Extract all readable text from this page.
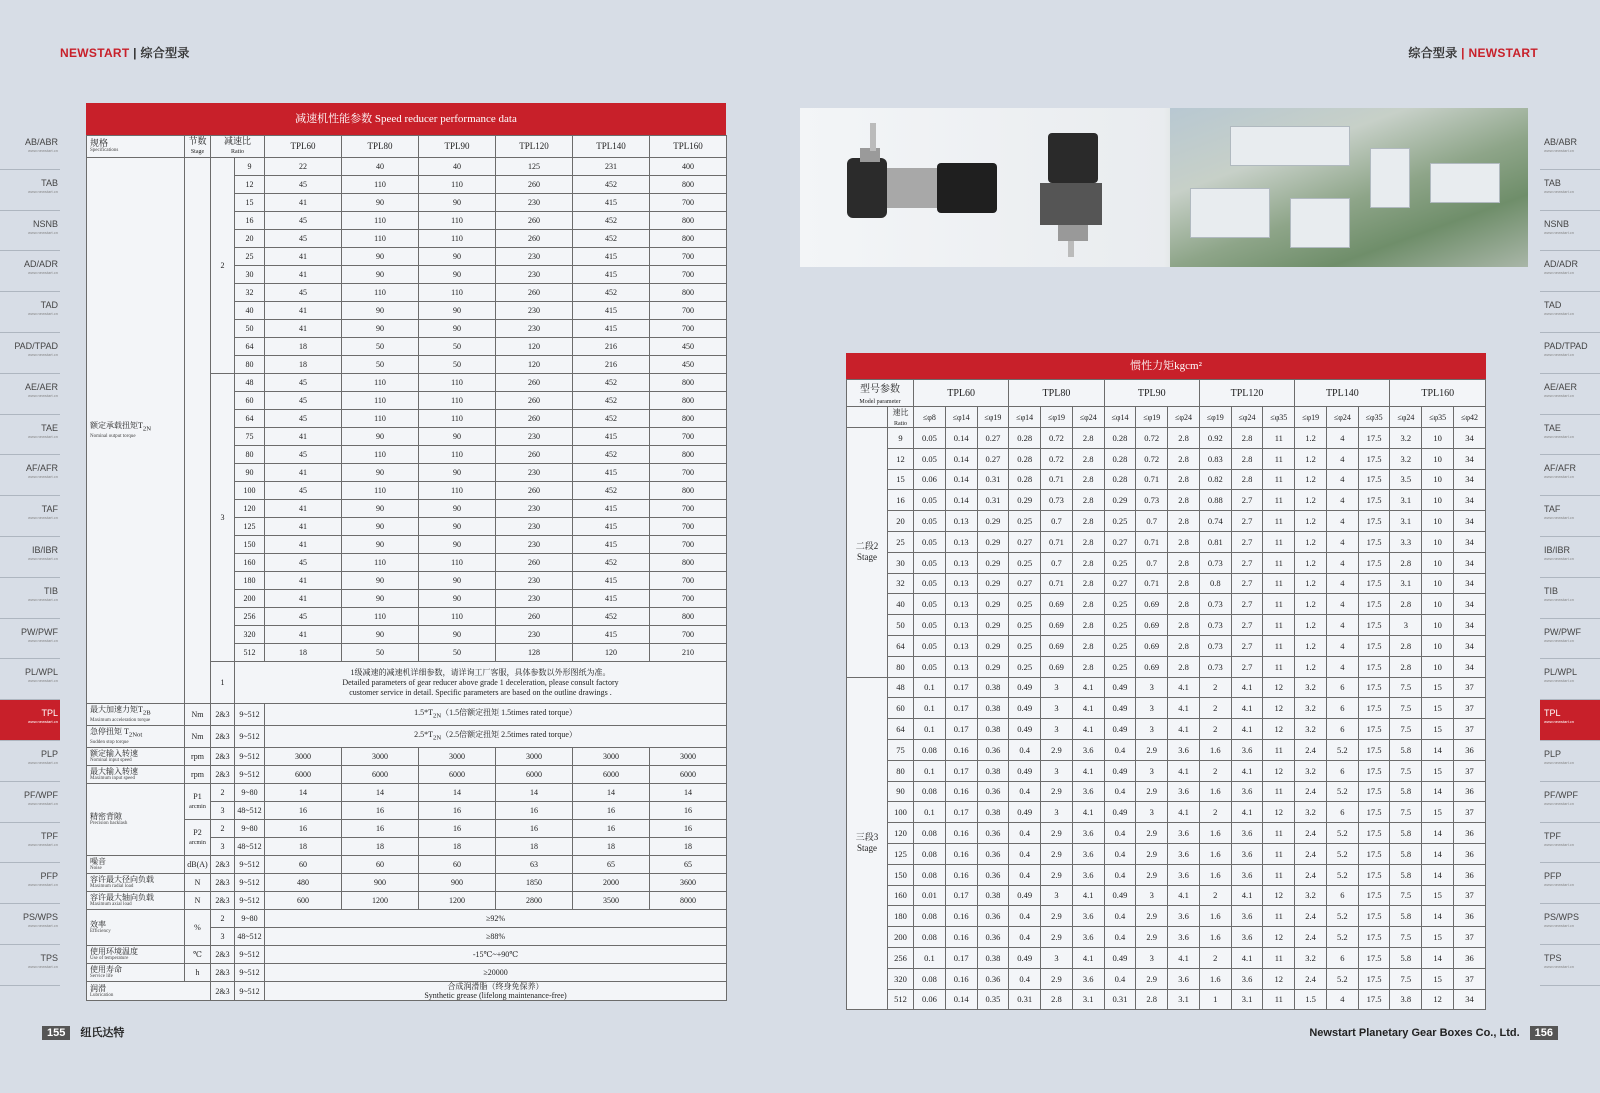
NEWSTART | 综合型录	综合型录 | NEWSTART
AB/ABR
www.newstart.cn
TAB
www.newstart.cn
NSNB
www.newstart.cn
AD/ADR
www.newstart.cn
TAD
www.newstart.cn
PAD/TPAD
www.newstart.cn
AE/AER
www.newstart.cn
TAE
www.newstart.cn
AF/AFR
www.newstart.cn
TAF
www.newstart.cn
IB/IBR
www.newstart.cn
TIB
www.newstart.cn
PW/PWF
www.newstart.cn
PL/WPL
www.newstart.cn
TPL
www.newstart.cn
PLP
www.newstart.cn
PF/WPF
www.newstart.cn
TPF
www.newstart.cn
PFP
www.newstart.cn
PS/WPS
www.newstart.cn
TPS
www.newstart.cn
AB/ABR
www.newstart.cn
TAB
www.newstart.cn
NSNB
www.newstart.cn
AD/ADR
www.newstart.cn
TAD
www.newstart.cn
PAD/TPAD
www.newstart.cn
AE/AER
www.newstart.cn
TAE
www.newstart.cn
AF/AFR
www.newstart.cn
TAF
www.newstart.cn
IB/IBR
www.newstart.cn
TIB
www.newstart.cn
PW/PWF
www.newstart.cn
PL/WPL
www.newstart.cn
TPL
www.newstart.cn
PLP
www.newstart.cn
PF/WPF
www.newstart.cn
TPF
www.newstart.cn
PFP
www.newstart.cn
PS/WPS
www.newstart.cn
TPS
www.newstart.cn
减速机性能参数 Speed reducer performance data
规格
Specifications	节数
Stage	减速比
Ratio		TPL60	TPL80	TPL90	TPL120	TPL140	TPL160
额定承载扭矩$T_{2N}$
Nominal output torque		2	9	22	40	40	125	231	400
			12	45	110	110	260	452	800
			15	41	90	90	230	415	700
			16	45	110	110	260	452	800
			20	45	110	110	260	452	800
			25	41	90	90	230	415	700
			30	41	90	90	230	415	700
			32	45	110	110	260	452	800
			40	41	90	90	230	415	700
			50	41	90	90	230	415	700
			64	18	50	50	120	216	450
			80	18	50	50	120	216	450
		3	48	45	110	110	260	452	800
			60	45	110	110	260	452	800
			64	45	110	110	260	452	800
			75	41	90	90	230	415	700
			80	45	110	110	260	452	800
			90	41	90	90	230	415	700
			100	45	110	110	260	452	800
			120	41	90	90	230	415	700
			125	41	90	90	230	415	700
			150	41	90	90	230	415	700
			160	45	110	110	260	452	800
			180	41	90	90	230	415	700
			200	41	90	90	230	415	700
			256	45	110	110	260	452	800
			320	41	90	90	230	415	700
			512	18	50	50	128	120	210
		1	1级减速的减速机详细参数，请详询工厂客服，具体参数以外形图纸为准。
Detailed parameters of gear reducer above grade 1 deceleration, please consult factory
customer service in detail. Specific parameters are based on the outline drawings .						
最大加速力矩$T_{2B}$
Maximum acceleration torque	Nm	2&3	9~512	$1.5*T_{2N}(1.5$倍额定扭矩 1.5times rated torque）					
急停扭矩 $T_{2Not}$
Sudden stop torque	Nm	2&3	9~512	$2.5*T_{2N}(2.5$倍额定扭矩 2.5times rated torque）					
额定输入转速
Nominal input speed	rpm	2&3	9~512	3000	3000	3000	3000	3000	3000
最大输入转速
Maximum input speed	rpm	2&3	9~512	6000	6000	6000	6000	6000	6000
精密背隙
Precision backlash	P1
arcmin	2	9~80	14	14	14	14	14	14
		3	48~512	16	16	16	16	16	16
	P2
arcmin	2	9~80	16	16	16	16	16	16
		3	48~512	18	18	18	18	18	18
噪音
Noise	dB(A)	2&3	9~512	60	60	60	63	65	65
容许最大径向负载
Maximum radial load	N	2&3	9~512	480	900	900	1850	2000	3600
容许最大轴向负载
Maximum axial load	N	2&3	9~512	600	1200	1200	2800	3500	8000
效率
Efficiency	%	2	9~80	≥92%					
		3	48~512	≥88%					
使用环境温度
Use of temperature	℃	2&3	9~512	-15℃~+90℃					
使用寿命
Service life	h	2&3	9~512	≥20000					
润滑
Lubrication		2&3	9~512	合成润滑脂（终身免保养）
Synthetic grease (lifelong maintenance-free)					
惯性力矩kgcm²
型号参数
Model parameter		TPL60			TPL80			TPL90			TPL120			TPL140			TPL160		
	速比
Ratio	≤φ8	≤φ14	≤φ19	≤φ14	≤φ19	≤φ24	≤φ14	≤φ19	≤φ24	≤φ19	≤φ24	≤φ35	≤φ19	≤φ24	≤φ35	≤φ24	≤φ35	≤φ42
二段2 Stage	9	0.05	0.14	0.27	0.28	0.72	2.8	0.28	0.72	2.8	0.92	2.8	11	1.2	4	17.5	3.2	10	34
	12	0.05	0.14	0.27	0.28	0.72	2.8	0.28	0.72	2.8	0.83	2.8	11	1.2	4	17.5	3.2	10	34
	15	0.06	0.14	0.31	0.28	0.71	2.8	0.28	0.71	2.8	0.82	2.8	11	1.2	4	17.5	3.5	10	34
	16	0.05	0.14	0.31	0.29	0.73	2.8	0.29	0.73	2.8	0.88	2.7	11	1.2	4	17.5	3.1	10	34
	20	0.05	0.13	0.29	0.25	0.7	2.8	0.25	0.7	2.8	0.74	2.7	11	1.2	4	17.5	3.1	10	34
	25	0.05	0.13	0.29	0.27	0.71	2.8	0.27	0.71	2.8	0.81	2.7	11	1.2	4	17.5	3.3	10	34
	30	0.05	0.13	0.29	0.25	0.7	2.8	0.25	0.7	2.8	0.73	2.7	11	1.2	4	17.5	2.8	10	34
	32	0.05	0.13	0.29	0.27	0.71	2.8	0.27	0.71	2.8	0.8	2.7	11	1.2	4	17.5	3.1	10	34
	40	0.05	0.13	0.29	0.25	0.69	2.8	0.25	0.69	2.8	0.73	2.7	11	1.2	4	17.5	2.8	10	34
	50	0.05	0.13	0.29	0.25	0.69	2.8	0.25	0.69	2.8	0.73	2.7	11	1.2	4	17.5	3	10	34
	64	0.05	0.13	0.29	0.25	0.69	2.8	0.25	0.69	2.8	0.73	2.7	11	1.2	4	17.5	2.8	10	34
	80	0.05	0.13	0.29	0.25	0.69	2.8	0.25	0.69	2.8	0.73	2.7	11	1.2	4	17.5	2.8	10	34
三段3 Stage	48	0.1	0.17	0.38	0.49	3	4.1	0.49	3	4.1	2	4.1	12	3.2	6	17.5	7.5	15	37
	60	0.1	0.17	0.38	0.49	3	4.1	0.49	3	4.1	2	4.1	12	3.2	6	17.5	7.5	15	37
	64	0.1	0.17	0.38	0.49	3	4.1	0.49	3	4.1	2	4.1	12	3.2	6	17.5	7.5	15	37
	75	0.08	0.16	0.36	0.4	2.9	3.6	0.4	2.9	3.6	1.6	3.6	11	2.4	5.2	17.5	5.8	14	36
	80	0.1	0.17	0.38	0.49	3	4.1	0.49	3	4.1	2	4.1	12	3.2	6	17.5	7.5	15	37
	90	0.08	0.16	0.36	0.4	2.9	3.6	0.4	2.9	3.6	1.6	3.6	11	2.4	5.2	17.5	5.8	14	36
	100	0.1	0.17	0.38	0.49	3	4.1	0.49	3	4.1	2	4.1	12	3.2	6	17.5	7.5	15	37
	120	0.08	0.16	0.36	0.4	2.9	3.6	0.4	2.9	3.6	1.6	3.6	11	2.4	5.2	17.5	5.8	14	36
	125	0.08	0.16	0.36	0.4	2.9	3.6	0.4	2.9	3.6	1.6	3.6	11	2.4	5.2	17.5	5.8	14	36
	150	0.08	0.16	0.36	0.4	2.9	3.6	0.4	2.9	3.6	1.6	3.6	11	2.4	5.2	17.5	5.8	14	36
	160	0.01	0.17	0.38	0.49	3	4.1	0.49	3	4.1	2	4.1	12	3.2	6	17.5	7.5	15	37
	180	0.08	0.16	0.36	0.4	2.9	3.6	0.4	2.9	3.6	1.6	3.6	11	2.4	5.2	17.5	5.8	14	36
	200	0.08	0.16	0.36	0.4	2.9	3.6	0.4	2.9	3.6	1.6	3.6	12	2.4	5.2	17.5	7.5	15	37
	256	0.1	0.17	0.38	0.49	3	4.1	0.49	3	4.1	2	4.1	11	3.2	6	17.5	5.8	14	36
	320	0.08	0.16	0.36	0.4	2.9	3.6	0.4	2.9	3.6	1.6	3.6	12	2.4	5.2	17.5	7.5	15	37
	512	0.06	0.14	0.35	0.31	2.8	3.1	0.31	2.8	3.1	1	3.1	11	1.5	4	17.5	3.8	12	34
155 纽氏达特	Newstart Planetary Gear Boxes Co., Ltd. 156
